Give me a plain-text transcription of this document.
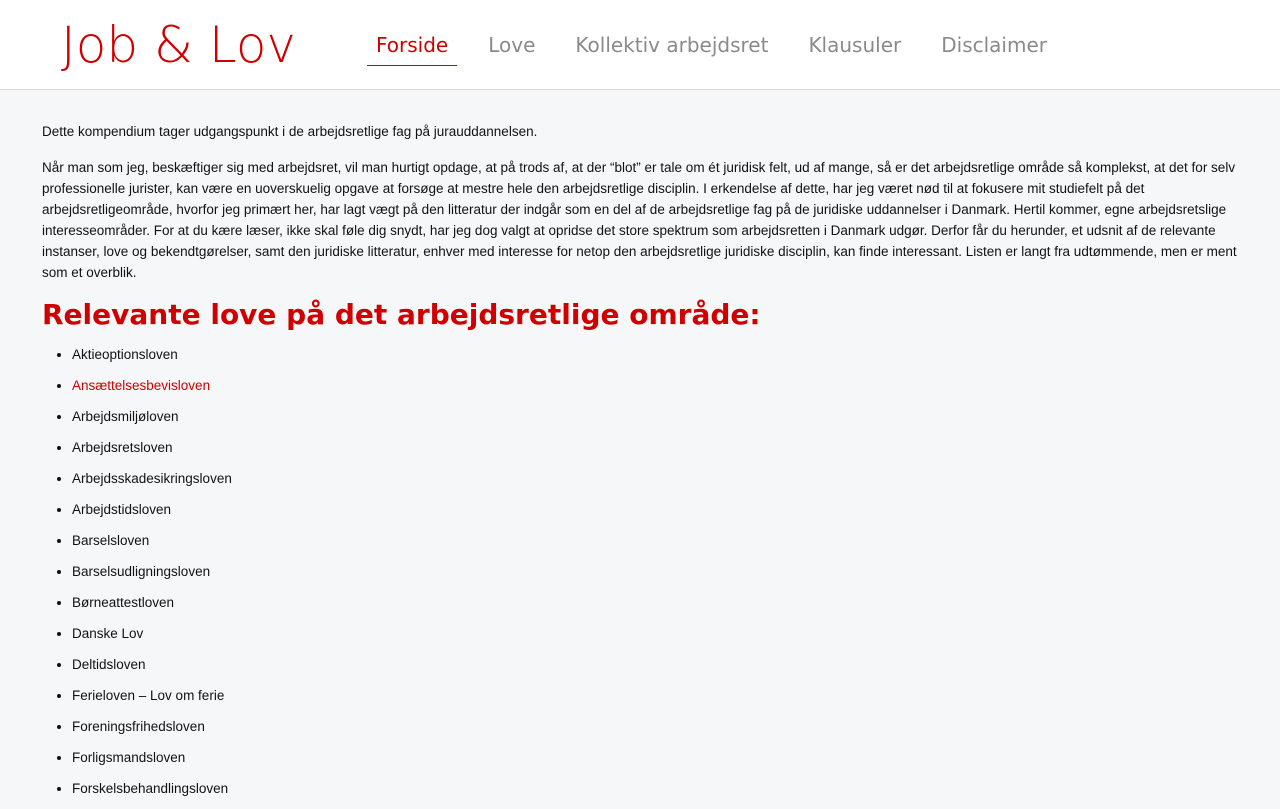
Job & Lov	Forside Love Kollektiv arbejdsret Klausuler Disclaimer

Dette kompendium tager udgangspunkt i de arbejdsretlige fag på jurauddannelsen.

Når man som jeg, beskæftiger sig med arbejdsret, vil man hurtigt opdage, at på trods af, at der “blot” er tale om ét juridisk felt, ud af mange, så er det arbejdsretlige område så komplekst, at det for selv professionelle jurister, kan være en uoverskuelig opgave at forsøge at mestre hele den arbejdsretlige disciplin. I erkendelse af dette, har jeg været nød til at fokusere mit studiefelt på det arbejdsretligeområde, hvorfor jeg primært her, har lagt vægt på den litteratur der indgår som en del af de arbejdsretlige fag på de juridiske uddannelser i Danmark. Hertil kommer, egne arbejdsretslige interesseområder. For at du kære læser, ikke skal føle dig snydt, har jeg dog valgt at opridse det store spektrum som arbejdsretten i Danmark udgør. Derfor får du herunder, et udsnit af de relevante instanser, love og bekendtgørelser, samt den juridiske litteratur, enhver med interesse for netop den arbejdsretlige juridiske disciplin, kan finde interessant. Listen er langt fra udtømmende, men er ment som et overblik.

Relevante love på det arbejdsretlige område:
• Aktieoptionsloven
• Ansættelsesbevisloven
• Arbejdsmiljøloven
• Arbejdsretsloven
• Arbejdsskadesikringsloven
• Arbejdstidsloven
• Barselsloven
• Barselsudligningsloven
• Børneattestloven
• Danske Lov
• Deltidsloven
• Ferieloven – Lov om ferie
• Foreningsfrihedsloven
• Forligsmandsloven
• Forskelsbehandlingsloven
